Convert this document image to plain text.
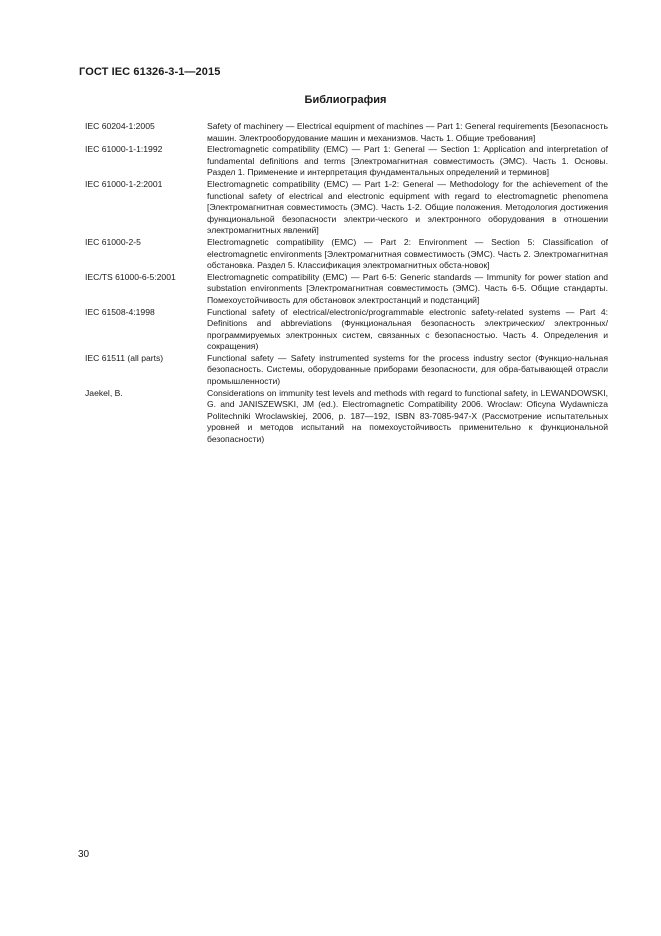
ГОСТ IEC 61326-3-1—2015
Библиография
IEC 60204-1:2005	Safety of machinery — Electrical equipment of machines — Part 1: General requirements [Безопасность машин. Электрооборудование машин и механизмов. Часть 1. Общие требования]
IEC 61000-1-1:1992	Electromagnetic compatibility (EMC) — Part 1: General — Section 1: Application and interpretation of fundamental definitions and terms [Электромагнитная совместимость (ЭМС). Часть 1. Основы. Раздел 1. Применение и интерпретация фундаментальных определений и терминов]
IEC 61000-1-2:2001	Electromagnetic compatibility (EMC) — Part 1-2: General — Methodology for the achievement of the functional safety of electrical and electronic equipment with regard to electromagnetic phenomena [Электромагнитная совместимость (ЭМС). Часть 1-2. Общие положения. Методология достижения функциональной безопасности электри-ческого и электронного оборудования в отношении электромагнитных явлений]
IEC 61000-2-5	Electromagnetic compatibility (EMC) — Part 2: Environment — Section 5: Classification of electromagnetic environments [Электромагнитная совместимость (ЭМС). Часть 2. Электромагнитная обстановка. Раздел 5. Классификация электромагнитных обста-новок]
IEC/TS 61000-6-5:2001	Electromagnetic compatibility (EMC) — Part 6-5: Generic standards — Immunity for power station and substation environments [Электромагнитная совместимость (ЭМС). Часть 6-5. Общие стандарты. Помехоустойчивость для обстановок электростанций и подстанций]
IEC 61508-4:1998	Functional safety of electrical/electronic/programmable electronic safety-related systems — Part 4: Definitions and abbreviations (Функциональная безопасность электрических/ электронных/программируемых электронных систем, связанных с безопасностью. Часть 4. Определения и сокращения)
IEC 61511 (all parts)	Functional safety — Safety instrumented systems for the process industry sector (Функцио-нальная безопасность. Системы, оборудованные приборами безопасности, для обра-батывающей отрасли промышленности)
Jaekel, B.	Considerations on immunity test levels and methods with regard to functional safety, in LEWANDOWSKI, G. and JANISZEWSKI, JM (ed.). Electromagnetic Compatibility 2006. Wroclaw: Oficyna Wydawnicza Politechniki Wroclawskiej, 2006, p. 187—192, ISBN 83-7085-947-X (Рассмотрение испытательных уровней и методов испытаний на помехоустойчивость применительно к функциональной безопасности)
30
